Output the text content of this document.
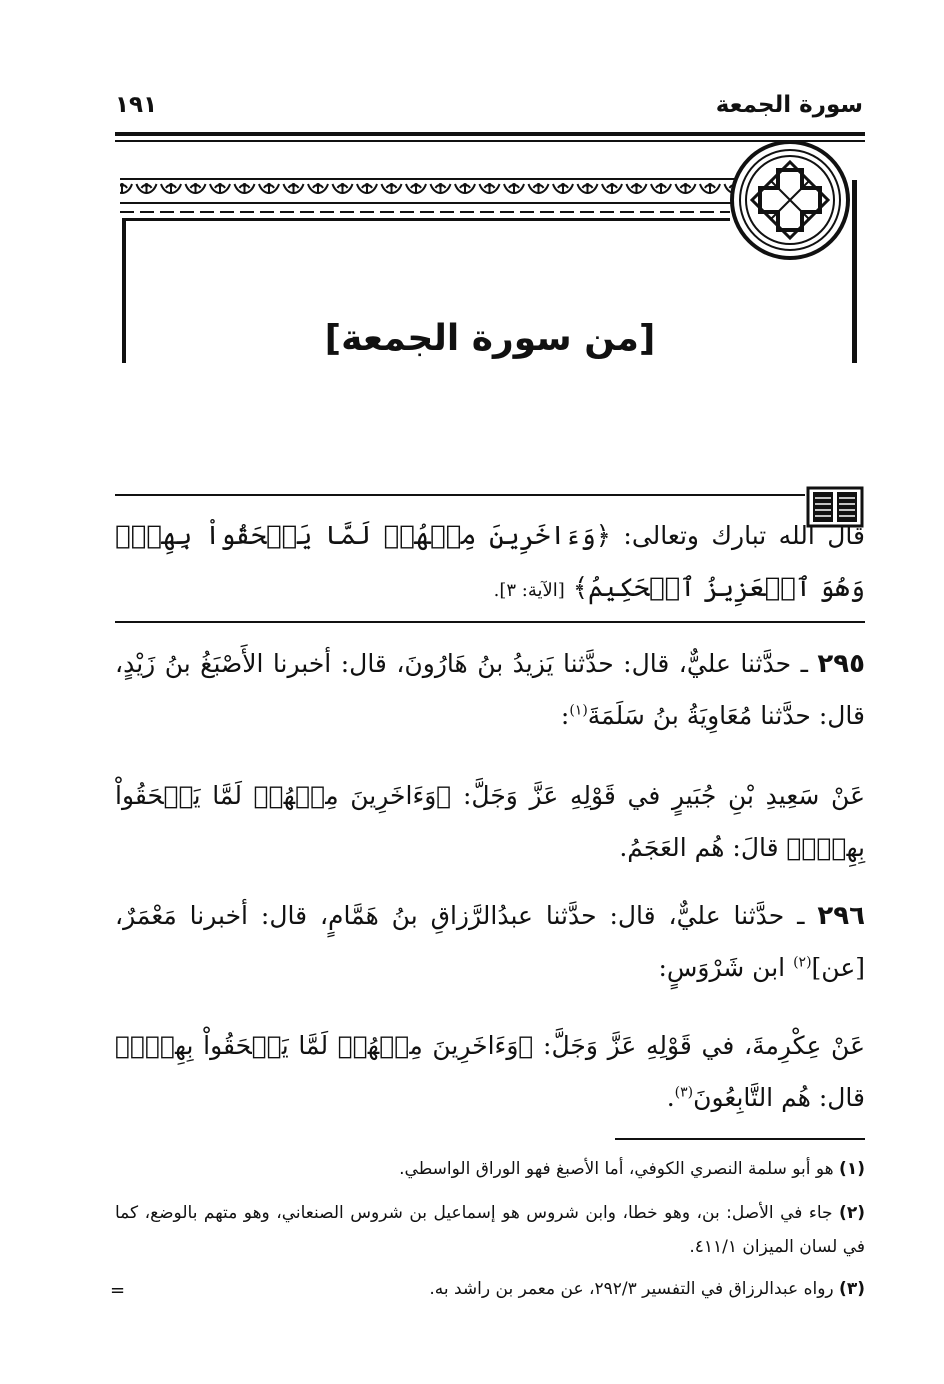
١٩١	سورة الجمعة
[من سورة الجمعة]

قال الله تبارك وتعالى: ﴿وَءَاخَرِينَ مِنۡهُمۡ لَمَّا يَلۡحَقُواْ بِهِمۡۚ وَهُوَ ٱلۡعَزِيزُ ٱلۡحَكِيمُ﴾ [الآية: ٣].

٢٩٥ ـ حدَّثنا عليٌّ، قال: حدَّثنا يَزيدُ بنُ هَارُونَ، قال: أخبرنا الأَصْبَغُ بنُ زَيْدٍ، قال: حدَّثنا مُعَاوِيَةُ بنُ سَلَمَةَ$^{(١)}$:

عَنْ سَعِيدِ بْنِ جُبَيرٍ في قَوْلِهِ عَزَّ وَجَلَّ: ﴿وَءَاخَرِينَ مِنۡهُمۡ لَمَّا يَلۡحَقُواْ بِهِمۡۚ﴾ قالَ: هُم العَجَمُ.

٢٩٦ ـ حدَّثنا عليٌّ، قال: حدَّثنا عبدُالرَّزاقِ بنُ هَمَّامٍ، قال: أخبرنا مَعْمَرٌ، [عن]$^{(٢)}$ ابن شَرْوَسٍ:

عَنْ عِكْرِمةَ، في قَوْلِهِ عَزَّ وَجَلَّ: ﴿وَءَاخَرِينَ مِنۡهُمۡ لَمَّا يَلۡحَقُواْ بِهِمۡۚ﴾ قال: هُم التَّابِعُونَ$^{(٣)}$.

(١) هو أبو سلمة النصري الكوفي، أما الأصبغ فهو الوراق الواسطي.

(٢) جاء في الأصل: بن، وهو خطا، وابن شروس هو إسماعيل بن شروس الصنعاني، وهو متهم بالوضع، كما في لسان الميزان ٤١١/١.

(٣) رواه عبدالرزاق في التفسير ٢٩٢/٣، عن معمر بن راشد به.

=
